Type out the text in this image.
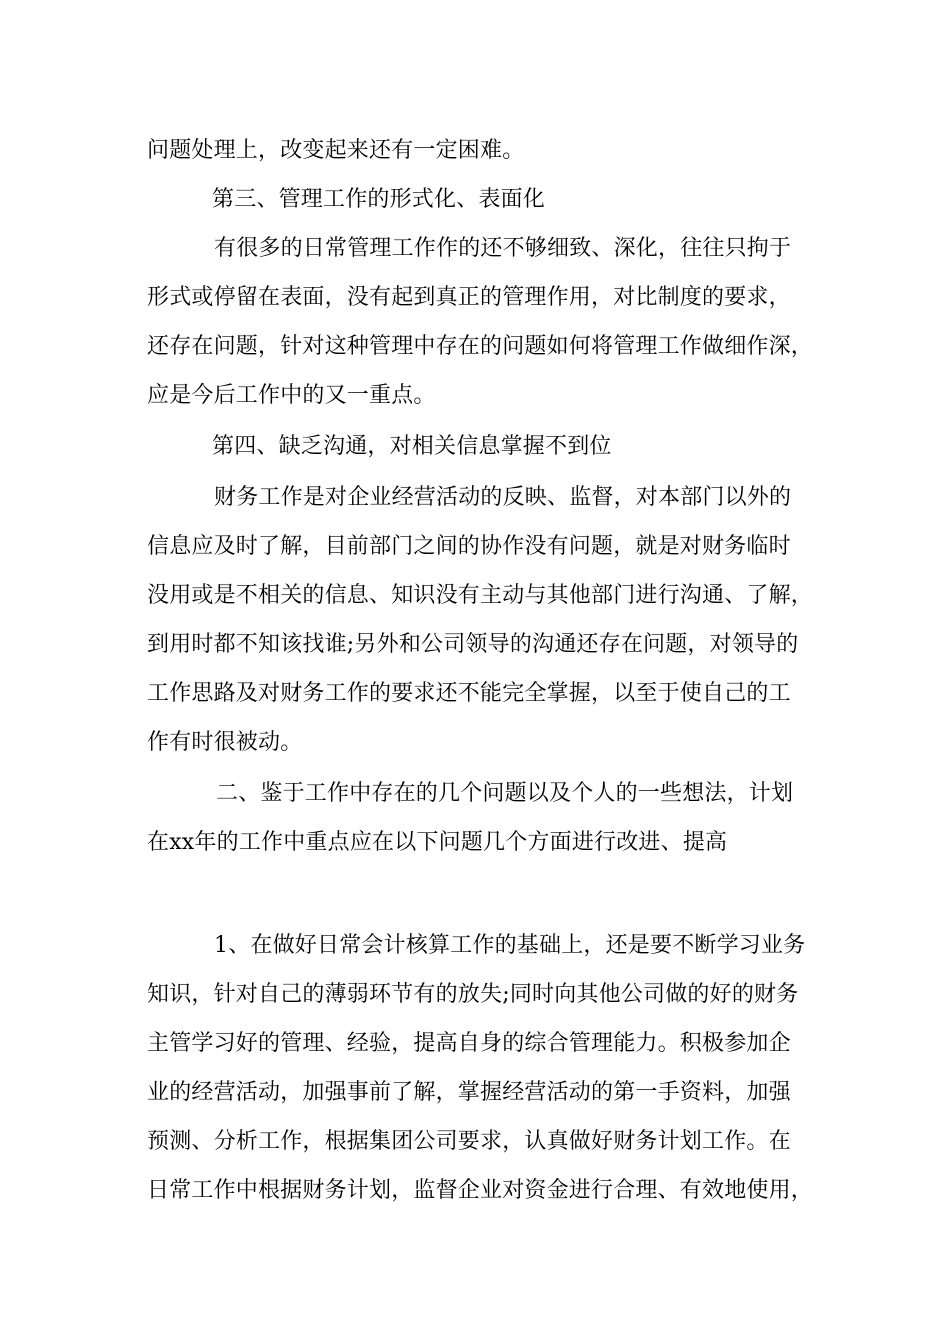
问题处理上，改变起来还有一定困难。
第三、管理工作的形式化、表面化
有很多的日常管理工作作的还不够细致、深化，往往只拘于
形式或停留在表面，没有起到真正的管理作用，对比制度的要求，
还存在问题，针对这种管理中存在的问题如何将管理工作做细作深，
应是今后工作中的又一重点。
第四、缺乏沟通，对相关信息掌握不到位
财务工作是对企业经营活动的反映、监督，对本部门以外的
信息应及时了解，目前部门之间的协作没有问题，就是对财务临时
没用或是不相关的信息、知识没有主动与其他部门进行沟通、了解，
到用时都不知该找谁;另外和公司领导的沟通还存在问题，对领导的
工作思路及对财务工作的要求还不能完全掌握，以至于使自己的工
作有时很被动。
二、鉴于工作中存在的几个问题以及个人的一些想法，计划
在xx年的工作中重点应在以下问题几个方面进行改进、提高
1、在做好日常会计核算工作的基础上，还是要不断学习业务
知识，针对自己的薄弱环节有的放失;同时向其他公司做的好的财务
主管学习好的管理、经验，提高自身的综合管理能力。积极参加企
业的经营活动，加强事前了解，掌握经营活动的第一手资料，加强
预测、分析工作，根据集团公司要求，认真做好财务计划工作。在
日常工作中根据财务计划，监督企业对资金进行合理、有效地使用，
